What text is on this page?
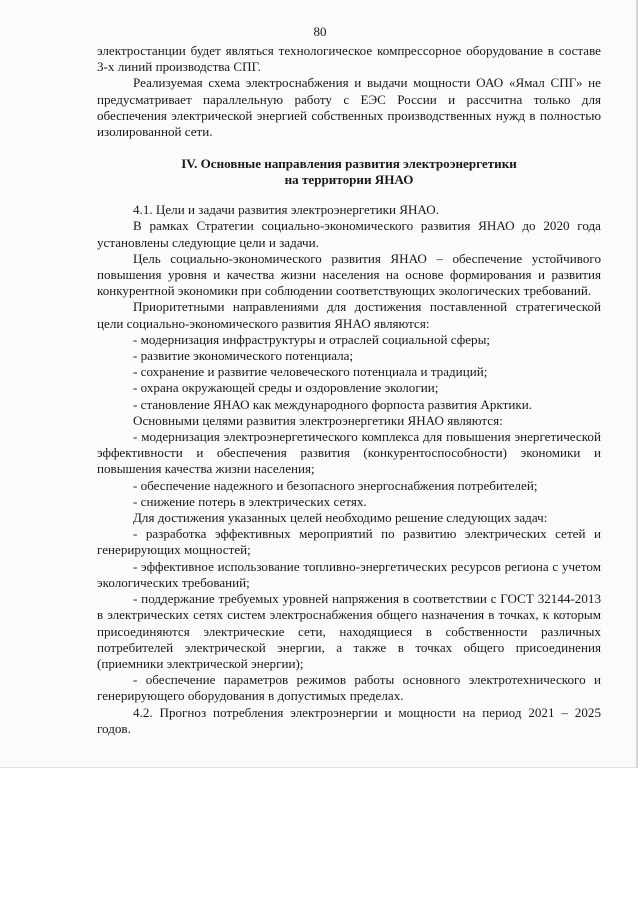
80

электростанции будет являться технологическое компрессорное оборудование в составе 3-х линий производства СПГ.

Реализуемая схема электроснабжения и выдачи мощности ОАО «Ямал СПГ» не предусматривает параллельную работу с ЕЭС России и рассчитна только для обеспечения электрической энергией собственных производственных нужд в полностью изолированной сети.

IV. Основные направления развития электроэнергетики
на территории ЯНАО

4.1. Цели и задачи развития электроэнергетики ЯНАО.

В рамках Стратегии социально-экономического развития ЯНАО до 2020 года установлены следующие цели и задачи.

Цель социально-экономического развития ЯНАО – обеспечение устойчивого повышения уровня и качества жизни населения на основе формирования и развития конкурентной экономики при соблюдении соответствующих экологических требований.

Приоритетными направлениями для достижения поставленной стратегической цели социально-экономического развития ЯНАО являются:

- модернизация инфраструктуры и отраслей социальной сферы;

- развитие экономического потенциала;

- сохранение и развитие человеческого потенциала и традиций;

- охрана окружающей среды и оздоровление экологии;

- становление ЯНАО как международного форпоста развития Арктики.

Основными целями развития электроэнергетики ЯНАО являются:

- модернизация электроэнергетического комплекса для повышения энергетической эффективности и обеспечения развития (конкурентоспособности) экономики и повышения качества жизни населения;

- обеспечение надежного и безопасного энергоснабжения потребителей;

- снижение потерь в электрических сетях.

Для достижения указанных целей необходимо решение следующих задач:

- разработка эффективных мероприятий по развитию электрических сетей и генерирующих мощностей;

- эффективное использование топливно-энергетических ресурсов региона с учетом экологических требований;

- поддержание требуемых уровней напряжения в соответствии с ГОСТ 32144-2013 в электрических сетях систем электроснабжения общего назначения в точках, к которым присоединяются электрические сети, находящиеся в собственности различных потребителей электрической энергии, а также в точках общего присоединения (приемники электрической энергии);

- обеспечение параметров режимов работы основного электротехнического и генерирующего оборудования в допустимых пределах.

4.2. Прогноз потребления электроэнергии и мощности на период 2021 – 2025 годов.
